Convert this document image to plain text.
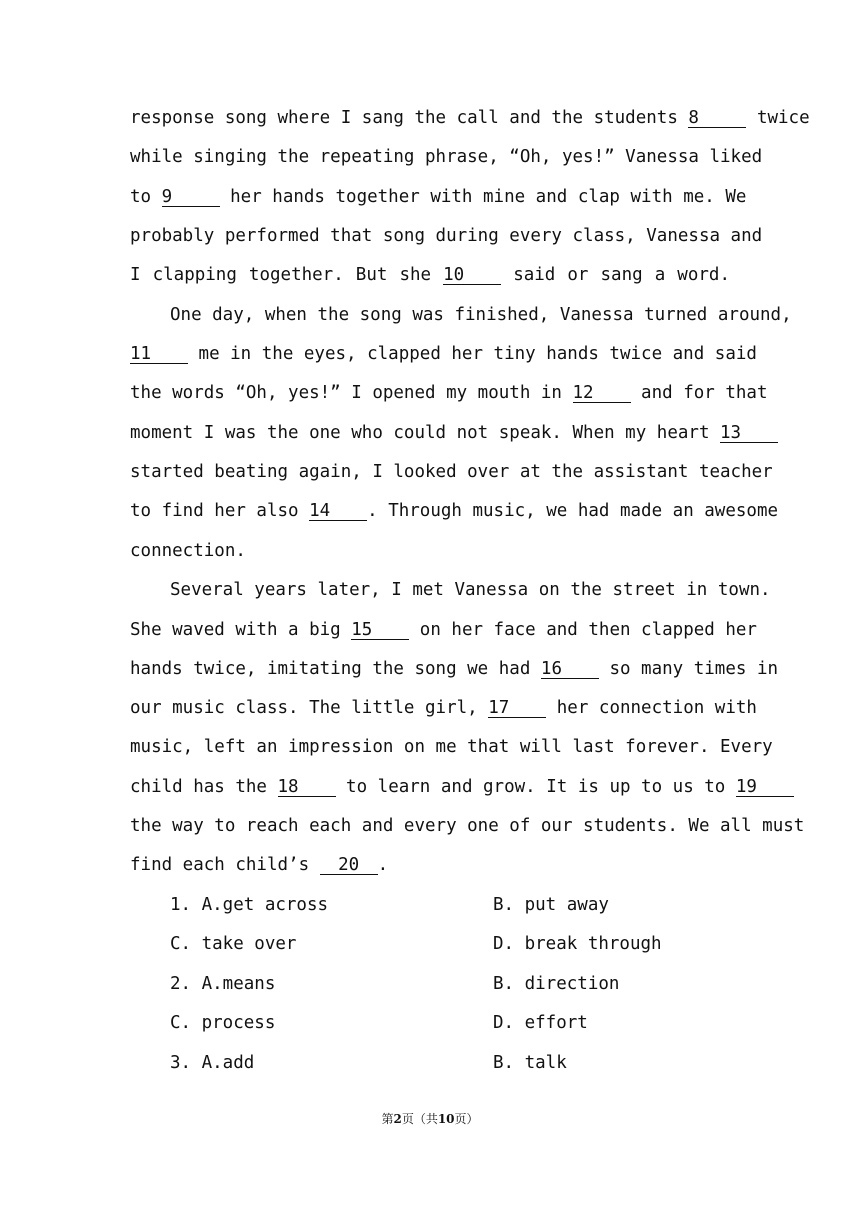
response song where I sang the call and the students 8	twice
while singing the repeating phrase, “Oh, yes!” Vanessa liked
to 9	her hands together with mine and clap with me. We
probably performed that song during every class, Vanessa and
I clapping together. But she 10 said or sang a word.
One day, when the song was finished, Vanessa turned around,
11 me in the eyes, clapped her tiny hands twice and said
the words “Oh, yes!” I opened my mouth in 12 and for that
moment I was the one who could not speak. When my heart 13
started beating again, I looked over at the assistant teacher
to find her also 14 . Through music, we had made an awesome
connection.
Several years later, I met Vanessa on the street in town.
She waved with a big 15 on her face and then clapped her
hands twice, imitating the song we had 16 so many times in
our music class. The little girl, 17 her connection with
music, left an impression on me that will last forever. Every
child has the 18 to learn and grow. It is up to us to 19
the way to reach each and every one of our students. We all must
find each child’s 20 .
1. A.get across	B. put away
C. take over	D. break through
2. A.means	B. direction
C. process	D. effort
3. A.add	B. talk
第2页（共10页）
